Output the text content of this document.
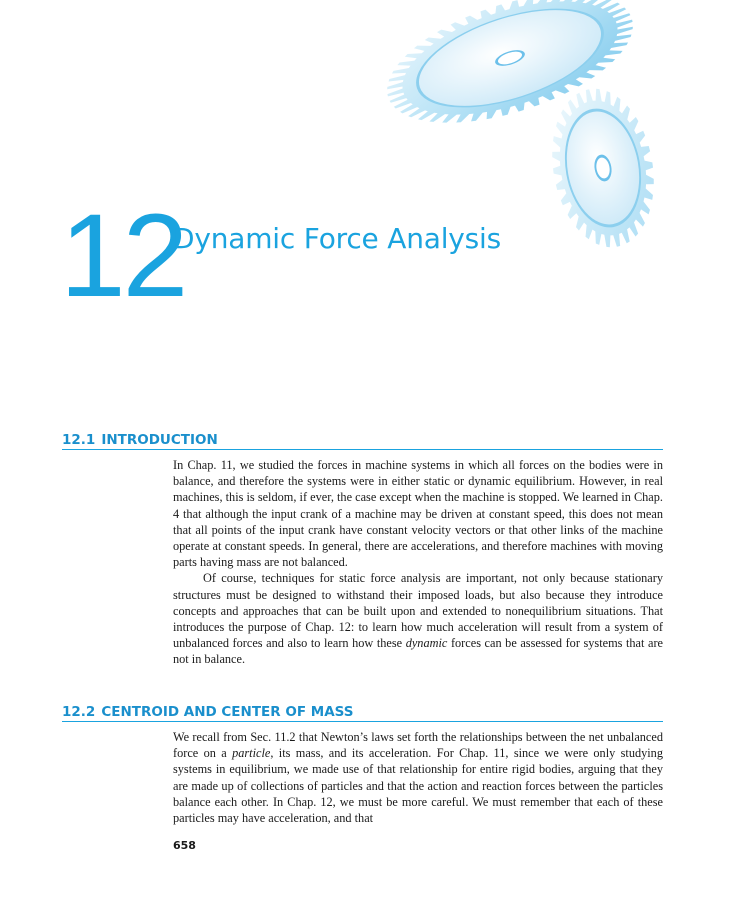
12
Dynamic Force Analysis
12.1 INTRODUCTION

In Chap. 11, we studied the forces in machine systems in which all forces on the bodies were in balance, and therefore the systems were in either static or dynamic equilibrium. However, in real machines, this is seldom, if ever, the case except when the machine is stopped. We learned in Chap. 4 that although the input crank of a machine may be driven at constant speed, this does not mean that all points of the input crank have constant velocity vectors or that other links of the machine operate at constant speeds. In general, there are accelerations, and therefore machines with moving parts having mass are not balanced.

Of course, techniques for static force analysis are important, not only because stationary structures must be designed to withstand their imposed loads, but also because they introduce concepts and approaches that can be built upon and extended to nonequilibrium situations. That introduces the purpose of Chap. 12: to learn how much acceleration will result from a system of unbalanced forces and also to learn how these dynamic forces can be assessed for systems that are not in balance.

12.2 CENTROID AND CENTER OF MASS

We recall from Sec. 11.2 that Newton’s laws set forth the relationships between the net unbalanced force on a particle, its mass, and its acceleration. For Chap. 11, since we were only studying systems in equilibrium, we made use of that relationship for entire rigid bodies, arguing that they are made up of collections of particles and that the action and reaction forces between the particles balance each other. In Chap. 12, we must be more careful. We must remember that each of these particles may have acceleration, and that

658
